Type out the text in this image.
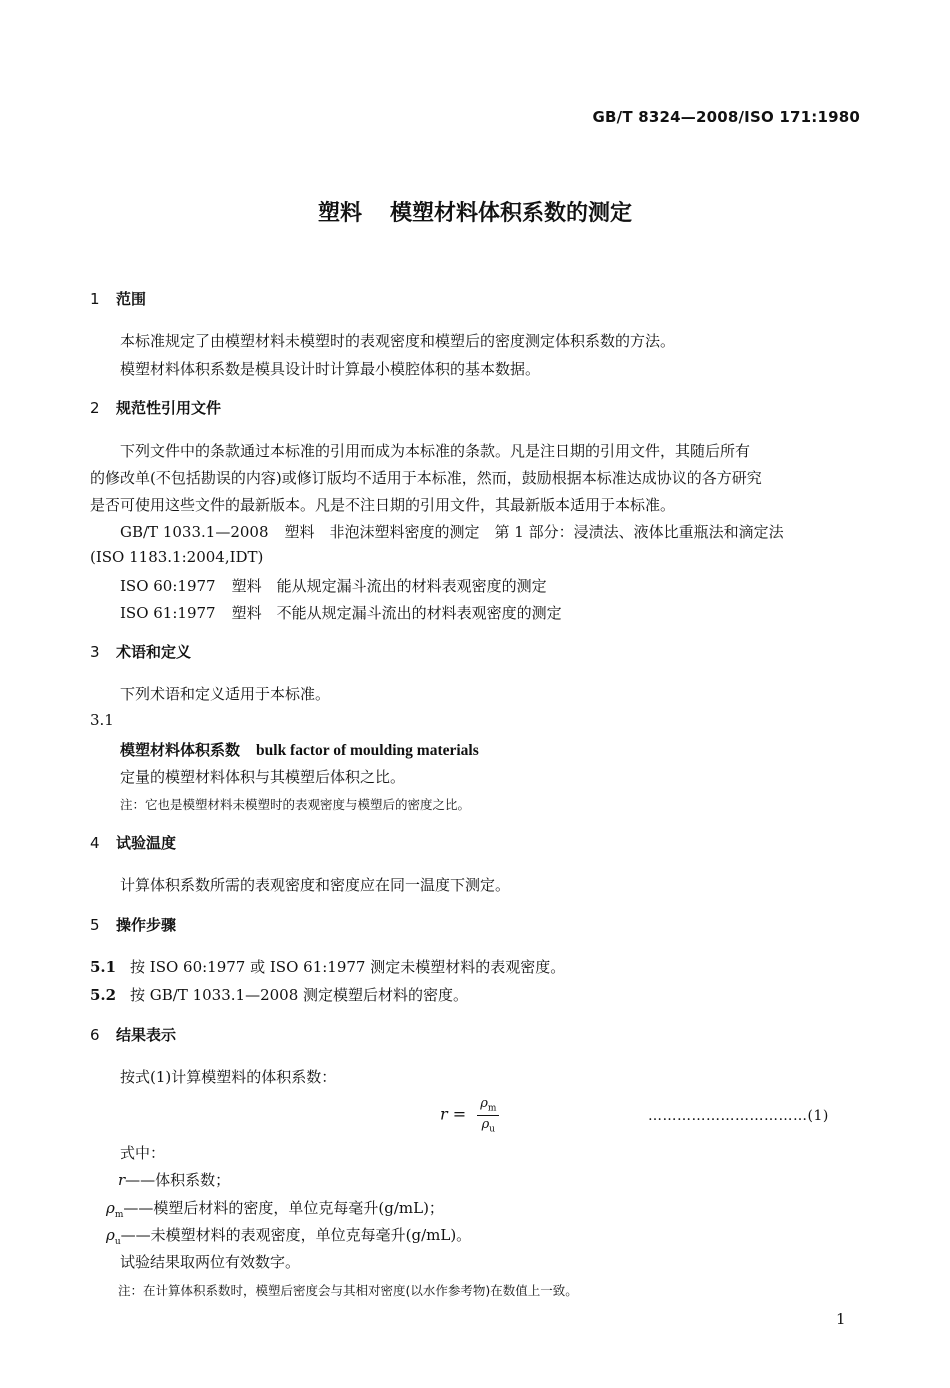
GB/T 8324—2008/ISO 171:1980
塑料 模塑材料体积系数的测定
1 范围
本标准规定了由模塑材料未模塑时的表观密度和模塑后的密度测定体积系数的方法。
模塑材料体积系数是模具设计时计算最小模腔体积的基本数据。
2 规范性引用文件
下列文件中的条款通过本标准的引用而成为本标准的条款。凡是注日期的引用文件，其随后所有
的修改单(不包括勘误的内容)或修订版均不适用于本标准，然而，鼓励根据本标准达成协议的各方研究
是否可使用这些文件的最新版本。凡是不注日期的引用文件，其最新版本适用于本标准。
GB/T 1033.1—2008 塑料　非泡沫塑料密度的测定　第 1 部分：浸渍法、液体比重瓶法和滴定法
(ISO 1183.1:2004,IDT)
ISO 60:1977 塑料　能从规定漏斗流出的材料表观密度的测定
ISO 61:1977 塑料　不能从规定漏斗流出的材料表观密度的测定
3 术语和定义
下列术语和定义适用于本标准。
3.1
模塑材料体积系数 bulk factor of moulding materials
定量的模塑材料体积与其模塑后体积之比。
注：它也是模塑材料未模塑时的表观密度与模塑后的密度之比。
4 试验温度
计算体积系数所需的表观密度和密度应在同一温度下测定。
5 操作步骤
5.1 按 ISO 60:1977 或 ISO 61:1977 测定未模塑材料的表观密度。
5.2 按 GB/T 1033.1—2008 测定模塑后材料的密度。
6 结果表示
按式(1)计算模塑料的体积系数：
$r = \frac{\rho_m}{\rho_u}$	……………………………(1)
式中：
r——体积系数；
$\rho_m——$模塑后材料的密度，单位克每毫升(g/mL)；
$\rho_u——$未模塑材料的表观密度，单位克每毫升(g/mL)。
试验结果取两位有效数字。
注：在计算体积系数时，模塑后密度会与其相对密度(以水作参考物)在数值上一致。
1
